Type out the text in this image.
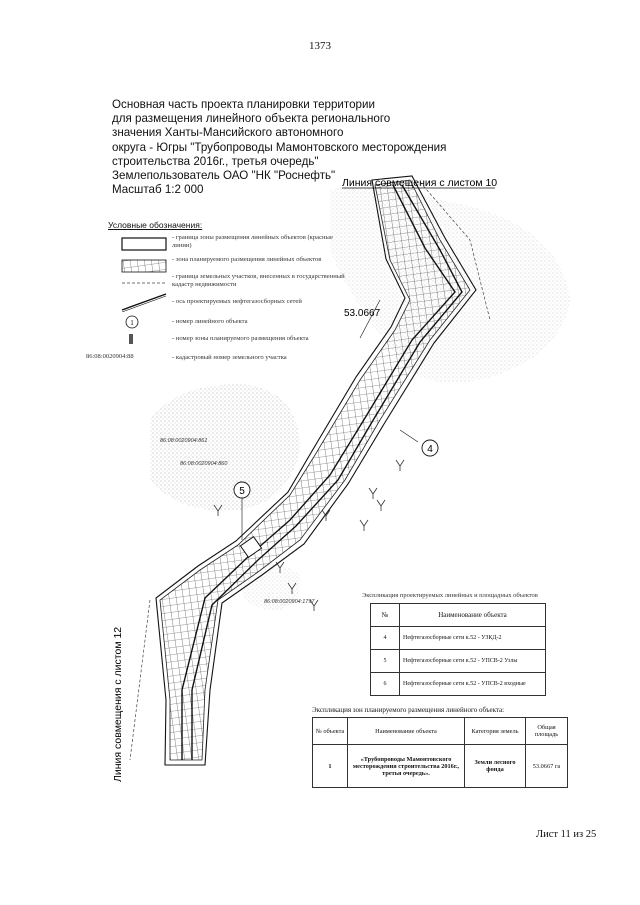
1373
Основная часть проекта планировки территории
для размещения линейного объекта регионального
значения Ханты-Мансийского автономного
округа - Югры "Трубопроводы Мамонтовского месторождения
строительства 2016г., третья очередь"
Землепользователь ОАО "НК "Роснефть"
Масштаб 1:2 000
4
5
53.0667
86:08:0020904:861
86:08:0020904:860
86:08:0020904:1797
Линия совмещения с листом 10
Линия совмещения с листом 12
Условные обозначения:
- граница зоны размещения линейных объектов (красные линии)
- зона планируемого размещения линейных объектов
- граница земельных участков, внесенных в государственный кадастр недвижимости
- ось проектируемых нефтегазосборных сетей
1	- номер линейного объекта
- номер зоны планируемого размещения объекта
86:08:0020904:88	- кадастровый номер земельного участка
Экспликация проектируемых линейных и площадных объектов
№	Наименование объекта
4	Нефтегазосборные сети к.52 - УЗКД-2
5	Нефтегазосборные сети к.52 - УПСВ-2 Узлы
6	Нефтегазосборные сети к.52 - УПСВ-2 входные
Экспликация зон планируемого размещения линейного объекта:
№ объекта	Наименование объекта	Категория земель	Общая площадь
1	«Трубопроводы Мамонтовского месторождения строительства 2016г., третья очередь».	Земли лесного фонда	53.0667 га
Лист 11 из 25
